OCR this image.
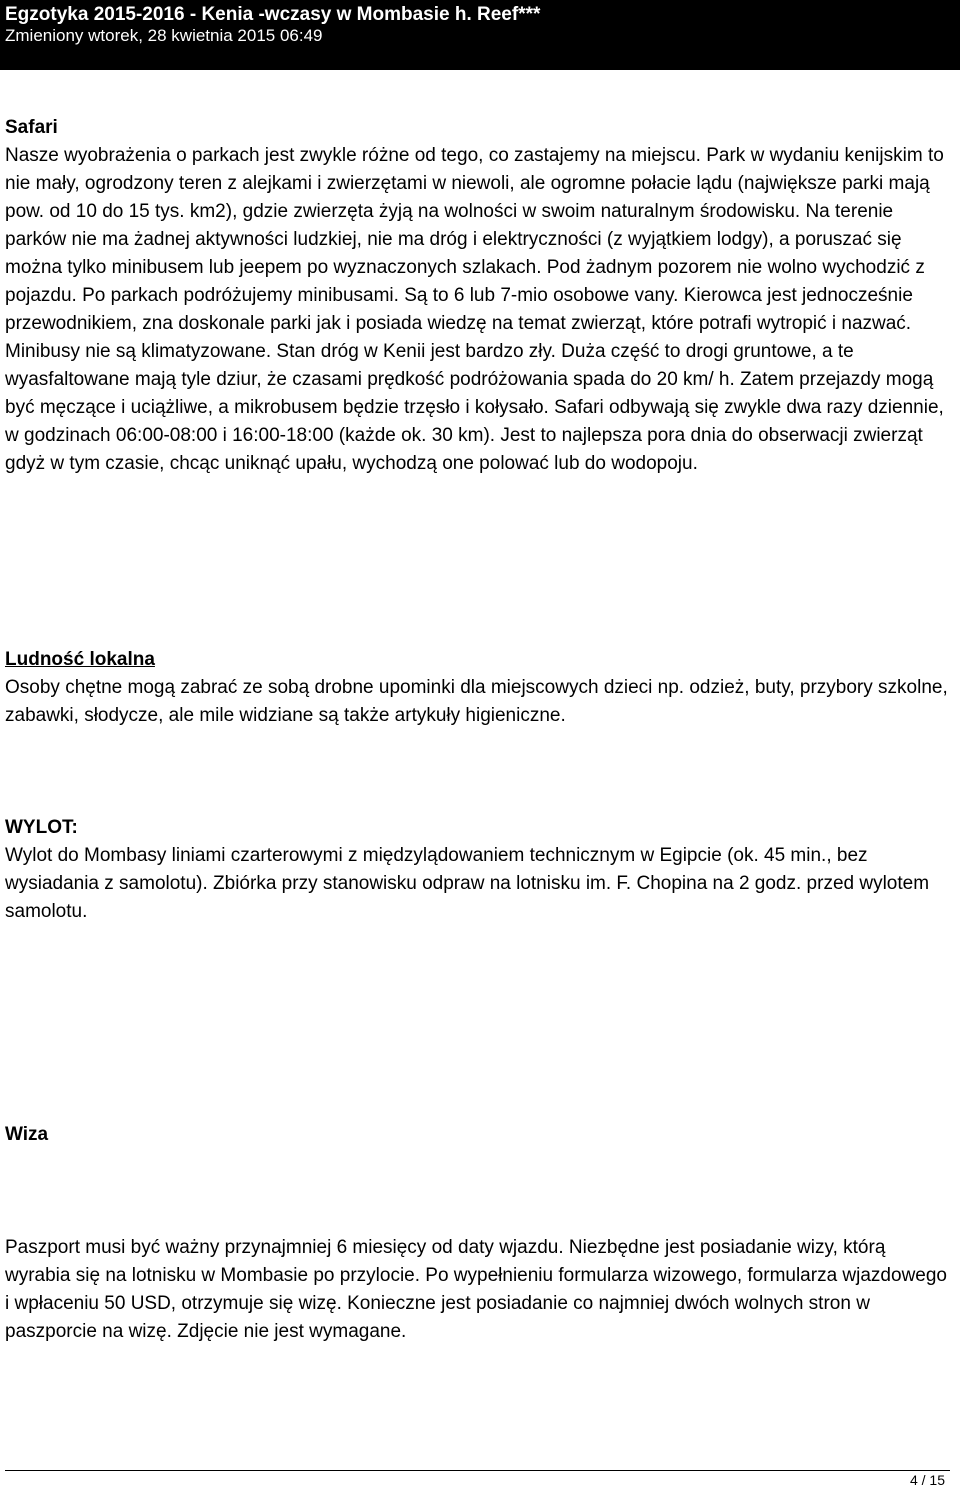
Egzotyka 2015-2016 - Kenia -wczasy w Mombasie h. Reef***
Zmieniony wtorek, 28 kwietnia 2015 06:49

Safari

Nasze wyobrażenia o parkach jest zwykle różne od tego, co zastajemy na miejscu. Park w wydaniu kenijskim to nie mały, ogrodzony teren z alejkami i zwierzętami w niewoli, ale ogromne połacie lądu (największe parki mają pow. od 10 do 15 tys. km2), gdzie zwierzęta żyją na wolności w swoim naturalnym środowisku. Na terenie parków nie ma żadnej aktywności ludzkiej, nie ma dróg i elektryczności (z wyjątkiem lodgy), a poruszać się można tylko minibusem lub jeepem po wyznaczonych szlakach. Pod żadnym pozorem nie wolno wychodzić z pojazdu. Po parkach podróżujemy minibusami. Są to 6 lub 7-mio osobowe vany. Kierowca jest jednocześnie przewodnikiem, zna doskonale parki jak i posiada wiedzę na temat zwierząt, które potrafi wytropić i nazwać. Minibusy nie są klimatyzowane. Stan dróg w Kenii jest bardzo zły. Duża część to drogi gruntowe, a te wyasfaltowane mają tyle dziur, że czasami prędkość podróżowania spada do 20 km/ h. Zatem przejazdy mogą być męczące i uciążliwe, a mikrobusem będzie trzęsło i kołysało. Safari odbywają się zwykle dwa razy dziennie, w godzinach 06:00-08:00 i 16:00-18:00 (każde ok. 30 km). Jest to najlepsza pora dnia do obserwacji zwierząt gdyż w tym czasie, chcąc uniknąć upału, wychodzą one polować lub do wodopoju.

Ludność lokalna

Osoby chętne mogą zabrać ze sobą drobne upominki dla miejscowych dzieci np. odzież, buty, przybory szkolne, zabawki, słodycze, ale mile widziane są także artykuły higieniczne.

WYLOT:

Wylot do Mombasy liniami czarterowymi z międzylądowaniem technicznym w Egipcie (ok. 45 min., bez wysiadania z samolotu). Zbiórka przy stanowisku odpraw na lotnisku im. F. Chopina na 2 godz. przed wylotem samolotu.

Wiza

Paszport musi być ważny przynajmniej 6 miesięcy od daty wjazdu. Niezbędne jest posiadanie wizy, którą wyrabia się na lotnisku w Mombasie po przylocie. Po wypełnieniu formularza wizowego, formularza wjazdowego i wpłaceniu 50 USD, otrzymuje się wizę. Konieczne jest posiadanie co najmniej dwóch wolnych stron w paszporcie na wizę. Zdjęcie nie jest wymagane.

4 / 15
